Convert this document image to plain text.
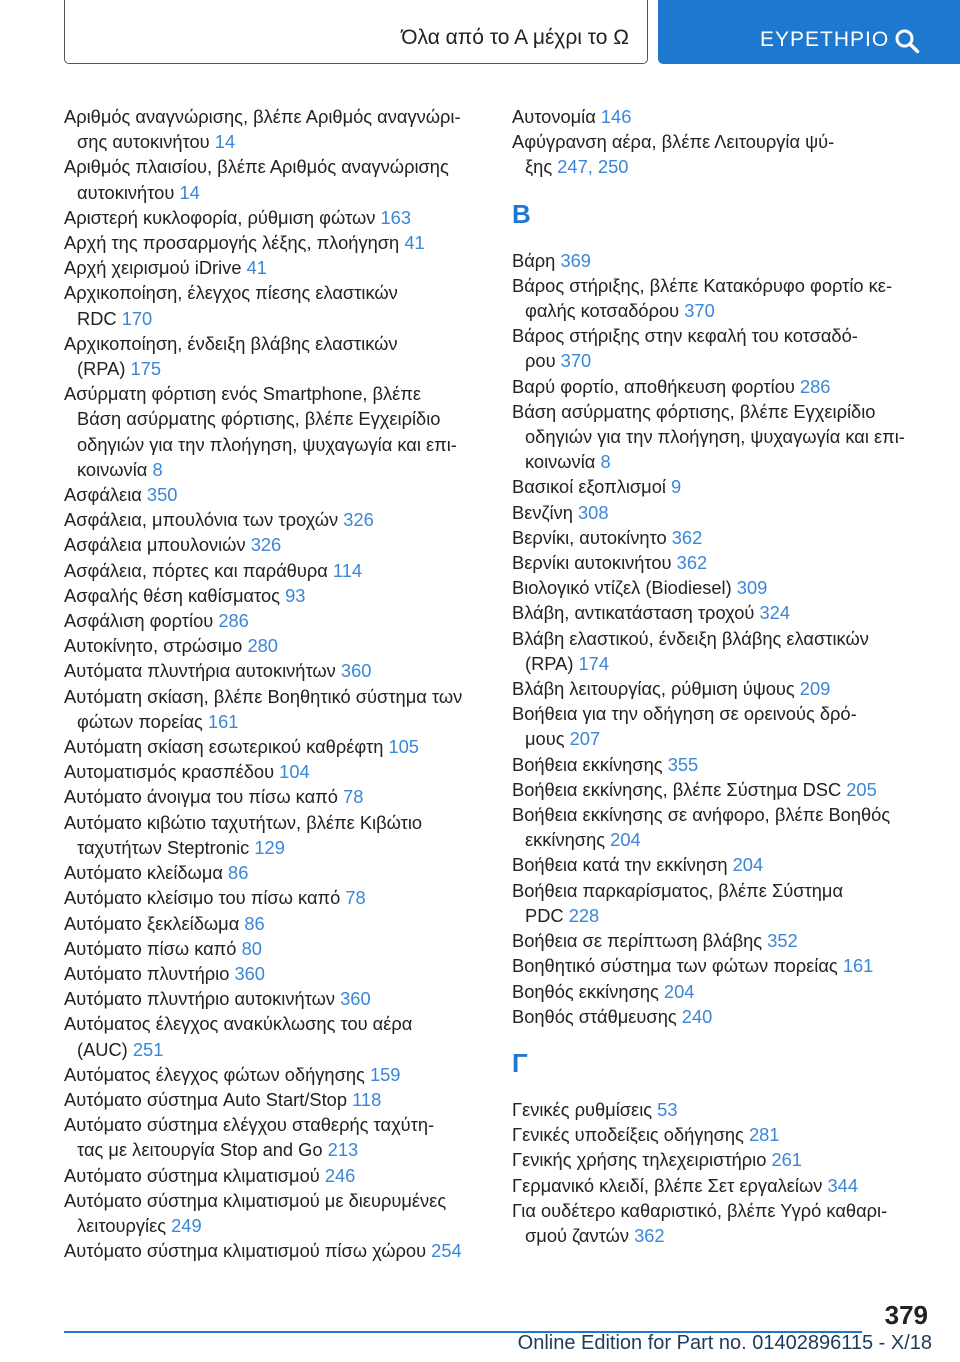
Όλα από το Α μέχρι το Ω	ΕΥΡΕΤΗΡΙΟ
Αριθμός αναγνώρισης, βλέπε Αριθμός αναγνώρι-
σης αυτοκινήτου 14
Αριθμός πλαισίου, βλέπε Αριθμός αναγνώρισης
αυτοκινήτου 14
Αριστερή κυκλοφορία, ρύθμιση φώτων 163
Αρχή της προσαρμογής λέξης, πλοήγηση 41
Αρχή χειρισμού iDrive 41
Αρχικοποίηση, έλεγχος πίεσης ελαστικών
RDC 170
Αρχικοποίηση, ένδειξη βλάβης ελαστικών
(RPA) 175
Ασύρματη φόρτιση ενός Smartphone, βλέπε
Βάση ασύρματης φόρτισης, βλέπε Εγχειρίδιο
οδηγιών για την πλοήγηση, ψυχαγωγία και επι-
κοινωνία 8
Ασφάλεια 350
Ασφάλεια, μπουλόνια των τροχών 326
Ασφάλεια μπουλονιών 326
Ασφάλεια, πόρτες και παράθυρα 114
Ασφαλής θέση καθίσματος 93
Ασφάλιση φορτίου 286
Αυτοκίνητο, στρώσιμο 280
Αυτόματα πλυντήρια αυτοκινήτων 360
Αυτόματη σκίαση, βλέπε Βοηθητικό σύστημα των
φώτων πορείας 161
Αυτόματη σκίαση εσωτερικού καθρέφτη 105
Αυτοματισμός κρασπέδου 104
Αυτόματο άνοιγμα του πίσω καπό 78
Αυτόματο κιβώτιο ταχυτήτων, βλέπε Κιβώτιο
ταχυτήτων Steptronic 129
Αυτόματο κλείδωμα 86
Αυτόματο κλείσιμο του πίσω καπό 78
Αυτόματο ξεκλείδωμα 86
Αυτόματο πίσω καπό 80
Αυτόματο πλυντήριο 360
Αυτόματο πλυντήριο αυτοκινήτων 360
Αυτόματος έλεγχος ανακύκλωσης του αέρα
(AUC) 251
Αυτόματος έλεγχος φώτων οδήγησης 159
Αυτόματο σύστημα Auto Start/Stop 118
Αυτόματο σύστημα ελέγχου σταθερής ταχύτη-
τας με λειτουργία Stop and Go 213
Αυτόματο σύστημα κλιματισμού 246
Αυτόματο σύστημα κλιματισμού με διευρυμένες
λειτουργίες 249
Αυτόματο σύστημα κλιματισμού πίσω χώρου 254
Αυτονομία 146
Αφύγρανση αέρα, βλέπε Λειτουργία ψύ-
ξης 247, 250
Β
Βάρη 369
Βάρος στήριξης, βλέπε Κατακόρυφο φορτίο κε-
φαλής κοτσαδόρου 370
Βάρος στήριξης στην κεφαλή του κοτσαδό-
ρου 370
Βαρύ φορτίο, αποθήκευση φορτίου 286
Βάση ασύρματης φόρτισης, βλέπε Εγχειρίδιο
οδηγιών για την πλοήγηση, ψυχαγωγία και επι-
κοινωνία 8
Βασικοί εξοπλισμοί 9
Βενζίνη 308
Βερνίκι, αυτοκίνητο 362
Βερνίκι αυτοκινήτου 362
Βιολογικό ντίζελ (Biodiesel) 309
Βλάβη, αντικατάσταση τροχού 324
Βλάβη ελαστικού, ένδειξη βλάβης ελαστικών
(RPA) 174
Βλάβη λειτουργίας, ρύθμιση ύψους 209
Βοήθεια για την οδήγηση σε ορεινούς δρό-
μους 207
Βοήθεια εκκίνησης 355
Βοήθεια εκκίνησης, βλέπε Σύστημα DSC 205
Βοήθεια εκκίνησης σε ανήφορο, βλέπε Βοηθός
εκκίνησης 204
Βοήθεια κατά την εκκίνηση 204
Βοήθεια παρκαρίσματος, βλέπε Σύστημα
PDC 228
Βοήθεια σε περίπτωση βλάβης 352
Βοηθητικό σύστημα των φώτων πορείας 161
Βοηθός εκκίνησης 204
Βοηθός στάθμευσης 240
Γ
Γενικές ρυθμίσεις 53
Γενικές υποδείξεις οδήγησης 281
Γενικής χρήσης τηλεχειριστήριο 261
Γερμανικό κλειδί, βλέπε Σετ εργαλείων 344
Για ουδέτερο καθαριστικό, βλέπε Υγρό καθαρι-
σμού ζαντών 362
379
Online Edition for Part no. 01402896115 - X/18
